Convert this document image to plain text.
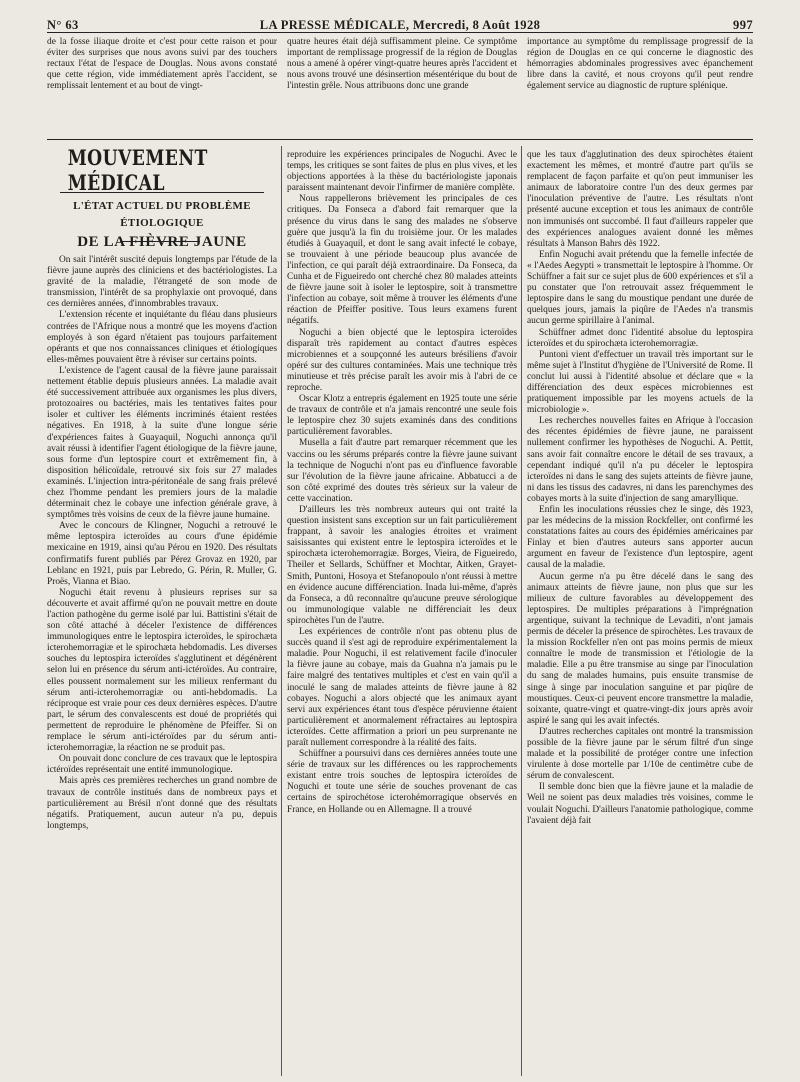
N° 63	LA PRESSE MÉDICALE, Mercredi, 8 Août 1928	997

de la fosse iliaque droite et c'est pour cette raison et pour éviter des surprises que nous avons suivi par des touchers rectaux l'état de l'espace de Douglas. Nous avons constaté que cette région, vide immédiatement après l'accident, se remplissait lentement et au bout de vingt-

quatre heures était déjà suffisamment pleine. Ce symptôme important de remplissage progressif de la région de Douglas nous a amené à opérer vingt-quatre heures après l'accident et nous avons trouvé une désinsertion mésentérique du bout de l'intestin grêle. Nous attribuons donc une grande

importance au symptôme du remplissage progressif de la région de Douglas en ce qui concerne le diagnostic des hémorragies abdominales progressives avec épanchement libre dans la cavité, et nous croyons qu'il peut rendre également service au diagnostic de rupture splénique.

MOUVEMENT MÉDICAL
L'ÉTAT ACTUEL DU PROBLÈME ÉTIOLOGIQUE
DE LA FIÈVRE JAUNE

On sait l'intérêt suscité depuis longtemps par l'étude de la fièvre jaune auprès des cliniciens et des bactériologistes. La gravité de la maladie, l'étrangeté de son mode de transmission, l'intérêt de sa prophylaxie ont provoqué, dans ces dernières années, d'innombrables travaux.

L'extension récente et inquiétante du fléau dans plusieurs contrées de l'Afrique nous a montré que les moyens d'action employés à son égard n'étaient pas toujours parfaitement opérants et que nos connaissances cliniques et étiologiques elles-mêmes pouvaient être à réviser sur certains points.

L'existence de l'agent causal de la fièvre jaune paraissait nettement établie depuis plusieurs années. La maladie avait été successivement attribuée aux organismes les plus divers, protozoaires ou bactéries, mais les tentatives faites pour isoler et cultiver les éléments incriminés étaient restées négatives. En 1918, à la suite d'une longue série d'expériences faites à Guayaquil, Noguchi annonça qu'il avait réussi à identifier l'agent étiologique de la fièvre jaune, sous forme d'un leptospire court et extrêmement fin, à disposition hélicoïdale, retrouvé six fois sur 27 malades examinés. L'injection intra-péritonéale de sang frais prélevé chez l'homme pendant les premiers jours de la maladie déterminait chez le cobaye une infection générale grave, à symptômes très voisins de ceux de la fièvre jaune humaine.

Avec le concours de Klingner, Noguchi a retrouvé le même leptospira icteroïdes au cours d'une épidémie mexicaine en 1919, ainsi qu'au Pérou en 1920. Des résultats confirmatifs furent publiés par Pérez Grovaz en 1920, par Leblanc en 1921, puis par Lebredo, G. Périn, R. Muller, G. Proës, Vianna et Biao.

Noguchi était revenu à plusieurs reprises sur sa découverte et avait affirmé qu'on ne pouvait mettre en doute l'action pathogène du germe isolé par lui. Battistini s'était de son côté attaché à déceler l'existence de différences immunologiques entre le leptospira icteroïdes, le spirochæta icterohemorragiæ et le spirochæta hebdomadis. Les diverses souches du leptospira icteroïdes s'agglutinent et dégénèrent selon lui en présence du sérum anti-ictéroïdes. Au contraire, elles poussent normalement sur les milieux renfermant du sérum anti-icterohemorragiæ ou anti-hebdomadis. La réciproque est vraie pour ces deux dernières espèces. D'autre part, le sérum des convalescents est doué de propriétés qui permettent de reproduire le phénomène de Pfeiffer. Si on remplace le sérum anti-ictéroïdes par du sérum anti-icterohemorragiæ, la réaction ne se produit pas.

On pouvait donc conclure de ces travaux que le leptospira ictéroïdes représentait une entité immunologique.

Mais après ces premières recherches un grand nombre de travaux de contrôle institués dans de nombreux pays et particulièrement au Brésil n'ont donné que des résultats négatifs. Pratiquement, aucun auteur n'a pu, depuis longtemps,

reproduire les expériences principales de Noguchi. Avec le temps, les critiques se sont faites de plus en plus vives, et les objections apportées à la thèse du bactériologiste japonais paraissent maintenant devoir l'infirmer de manière complète.

Nous rappellerons brièvement les principales de ces critiques. Da Fonseca a d'abord fait remarquer que la présence du virus dans le sang des malades ne s'observe guère que jusqu'à la fin du troisième jour. Or les malades étudiés à Guayaquil, et dont le sang avait infecté le cobaye, se trouvaient à une période beaucoup plus avancée de l'infection, ce qui paraît déjà extraordinaire. Da Fonseca, da Cunha et de Figueiredo ont cherché chez 80 malades atteints de fièvre jaune soit à isoler le leptospire, soit à transmettre l'infection au cobaye, soit même à trouver les éléments d'une réaction de Pfeiffer positive. Tous leurs examens furent négatifs.

Noguchi a bien objecté que le leptospira icteroïdes disparaît très rapidement au contact d'autres espèces microbiennes et a soupçonné les auteurs brésiliens d'avoir opéré sur des cultures contaminées. Mais une technique très minutieuse et très précise paraît les avoir mis à l'abri de ce reproche.

Oscar Klotz a entrepris également en 1925 toute une série de travaux de contrôle et n'a jamais rencontré une seule fois le leptospire chez 30 sujets examinés dans des conditions particulièrement favorables.

Musella a fait d'autre part remarquer récemment que les vaccins ou les sérums préparés contre la fièvre jaune suivant la technique de Noguchi n'ont pas eu d'influence favorable sur l'évolution de la fièvre jaune africaine. Abbatucci a de son côté exprimé des doutes très sérieux sur la valeur de cette vaccination.

D'ailleurs les très nombreux auteurs qui ont traité la question insistent sans exception sur un fait particulièrement frappant, à savoir les analogies étroites et vraiment saisissantes qui existent entre le leptospira icteroïdes et le spirochæta icterohemorragiæ. Borges, Vieira, de Figueiredo, Theiler et Sellards, Schüffner et Mochtar, Aitken, Grayet-Smith, Puntoni, Hosoya et Stefanopoulo n'ont réussi à mettre en évidence aucune différenciation. Inada lui-même, d'après da Fonseca, a dû reconnaître qu'aucune preuve sérologique ou immunologique valable ne différenciait les deux spirochètes l'un de l'autre.

Les expériences de contrôle n'ont pas obtenu plus de succès quand il s'est agi de reproduire expérimentalement la maladie. Pour Noguchi, il est relativement facile d'inoculer la fièvre jaune au cobaye, mais da Guahna n'a jamais pu le faire malgré des tentatives multiples et c'est en vain qu'il a inoculé le sang de malades atteints de fièvre jaune à 82 cobayes. Noguchi a alors objecté que les animaux ayant servi aux expériences étant tous d'espèce péruvienne étaient particulièrement et anormalement réfractaires au leptospira icteroïdes. Cette affirmation a priori un peu surprenante ne paraît nullement correspondre à la réalité des faits.

Schüffner a poursuivi dans ces dernières années toute une série de travaux sur les différences ou les rapprochements existant entre trois souches de leptospira icteroïdes de Noguchi et toute une série de souches provenant de cas certains de spirochétose icterohémorragique observés en France, en Hollande ou en Allemagne. Il a trouvé

que les taux d'agglutination des deux spirochètes étaient exactement les mêmes, et montré d'autre part qu'ils se remplacent de façon parfaite et qu'on peut immuniser les animaux de laboratoire contre l'un des deux germes par l'inoculation préventive de l'autre. Les résultats n'ont présenté aucune exception et tous les animaux de contrôle non immunisés ont succombé. Il faut d'ailleurs rappeler que des expériences analogues avaient donné les mêmes résultats à Manson Bahrs dès 1922.

Enfin Noguchi avait prétendu que la femelle infectée de « l'Aedes Aegypti » transmettait le leptospire à l'homme. Or Schüffner a fait sur ce sujet plus de 600 expériences et s'il a pu constater que l'on retrouvait assez fréquemment le leptospire dans le sang du moustique pendant une durée de quelques jours, jamais la piqûre de l'Aedes n'a transmis aucun germe spirillaire à l'animal.

Schüffner admet donc l'identité absolue du leptospira icteroïdes et du spirochæta icterohemorragiæ.

Puntoni vient d'effectuer un travail très important sur le même sujet à l'Institut d'hygiène de l'Université de Rome. Il conclut lui aussi à l'identité absolue et déclare que « la différenciation des deux espèces microbiennes est pratiquement impossible par les moyens actuels de la microbiologie ».

Les recherches nouvelles faites en Afrique à l'occasion des récentes épidémies de fièvre jaune, ne paraissent nullement confirmer les hypothèses de Noguchi. A. Pettit, sans avoir fait connaître encore le détail de ses travaux, a cependant indiqué qu'il n'a pu déceler le leptospira icteroïdes ni dans le sang des sujets atteints de fièvre jaune, ni dans les tissus des cadavres, ni dans les parenchymes des cobayes morts à la suite d'injection de sang amaryllique.

Enfin les inoculations réussies chez le singe, dès 1923, par les médecins de la mission Rockfeller, ont confirmé les constatations faites au cours des épidémies américaines par Finlay et bien d'autres auteurs sans apporter aucun argument en faveur de l'existence d'un leptospire, agent causal de la maladie.

Aucun germe n'a pu être décelé dans le sang des animaux atteints de fièvre jaune, non plus que sur les milieux de culture favorables au développement des leptospires. De multiples préparations à l'imprégnation argentique, suivant la technique de Levaditi, n'ont jamais permis de déceler la présence de spirochètes. Les travaux de la mission Rockfeller n'en ont pas moins permis de mieux connaître le mode de transmission et l'étiologie de la maladie. Elle a pu être transmise au singe par l'inoculation du sang de malades humains, puis ensuite transmise de singe à singe par inoculation sanguine et par piqûre de moustiques. Ceux-ci peuvent encore transmettre la maladie, soixante, quatre-vingt et quatre-vingt-dix jours après avoir aspiré le sang qui les avait infectés.

D'autres recherches capitales ont montré la transmission possible de la fièvre jaune par le sérum filtré d'un singe malade et la possibilité de protéger contre une infection virulente à dose mortelle par 1/10e de centimètre cube de sérum de convalescent.

Il semble donc bien que la fièvre jaune et la maladie de Weil ne soient pas deux maladies très voisines, comme le voulait Noguchi. D'ailleurs l'anatomie pathologique, comme l'avaient déjà fait
